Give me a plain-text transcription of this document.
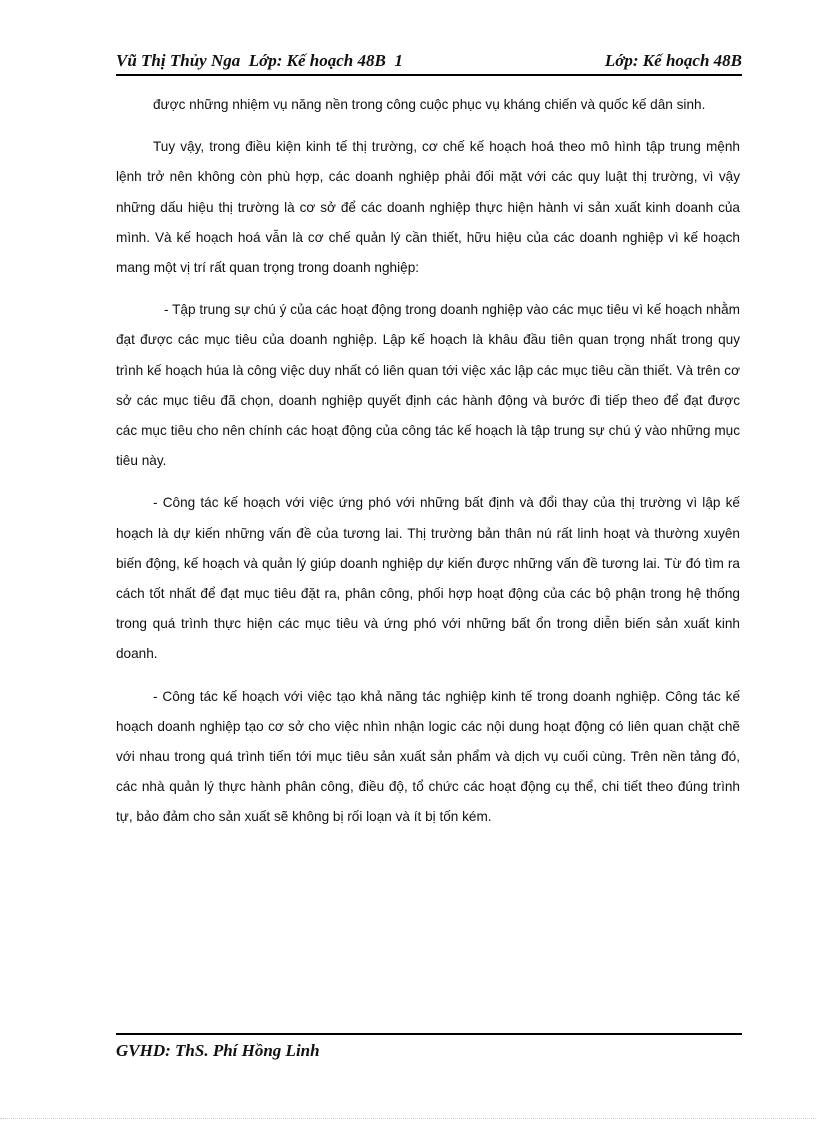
Vũ Thị Thủy Nga  Lớp: Kế hoạch 48B  1	Lớp: Kế hoạch 48B

được những nhiệm vụ năng nền trong công cuộc phục vụ kháng chiến và quốc kế dân sinh.

Tuy vậy, trong điều kiện kinh tế thị trường, cơ chế kế hoạch hoá theo mô hình tập trung mệnh lệnh trở nên không còn phù hợp, các doanh nghiệp phải đối mặt với các quy luật thị trường, vì vậy những dấu hiệu thị trường là cơ sở để các doanh nghiệp thực hiện hành vi sản xuất kinh doanh của mình. Và kế hoạch hoá vẫn là cơ chế quản lý cần thiết, hữu hiệu của các doanh nghiệp vì kế hoạch mang một vị trí rất quan trọng trong doanh nghiệp:

- Tập trung sự chú ý của các hoạt động trong doanh nghiệp vào các mục tiêu vì kế hoạch nhằm đạt được các mục tiêu của doanh nghiệp. Lập kế hoạch là khâu đầu tiên quan trọng nhất trong quy trình kế hoạch húa là công việc duy nhất có liên quan tới việc xác lập các mục tiêu cần thiết. Và trên cơ sở các mục tiêu đã chọn, doanh nghiệp quyết định các hành động và bước đi tiếp theo để đạt được các mục tiêu cho nên chính các hoạt động của công tác kế hoạch là tập trung sự chú ý vào những mục tiêu này.

- Công tác kế hoạch với việc ứng phó với những bất định và đổi thay của thị trường vì lập kế hoạch là dự kiến những vấn đề của tương lai. Thị trường bản thân nú rất linh hoạt và thường xuyên biến động, kế hoạch và quản lý giúp doanh nghiệp dự kiến được những vấn đề tương lai. Từ đó tìm ra cách tốt nhất để đạt mục tiêu đặt ra, phân công, phối hợp hoạt động của các bộ phận trong hệ thống trong quá trình thực hiện các mục tiêu và ứng phó với những bất ổn trong diễn biến sản xuất kinh doanh.

- Công tác kế hoạch với việc tạo khả năng tác nghiệp kinh tế trong doanh nghiệp. Công tác kế hoạch doanh nghiệp tạo cơ sở cho việc nhìn nhận logic các nội dung hoạt động có liên quan chặt chẽ với nhau trong quá trình tiến tới mục tiêu sản xuất sản phẩm và dịch vụ cuối cùng. Trên nền tảng đó, các nhà quản lý thực hành phân công, điều độ, tổ chức các hoạt động cụ thể, chi tiết theo đúng trình tự, bảo đảm cho sản xuất sẽ không bị rối loạn và ít bị tốn kém.

GVHD: ThS. Phí Hồng Linh
